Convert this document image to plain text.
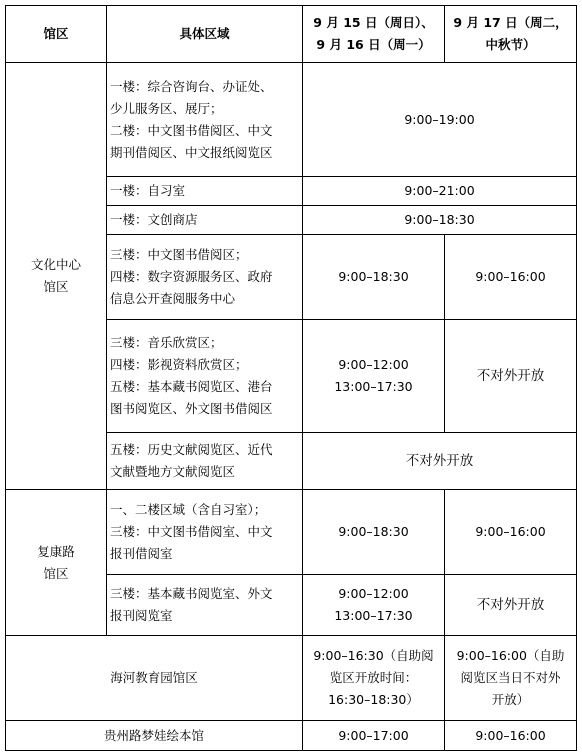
馆区	具体区域	9 月 15 日（周日）、
9 月 16 日（周一）	9 月 17 日（周二，
中秋节）

文化中心
馆区	一楼：综合咨询台、办证处、
少儿服务区、展厅；
二楼：中文图书借阅区、中文
期刊借阅区、中文报纸阅览区	9:00–19:00	

	一楼：自习室	9:00–21:00	

	一楼：文创商店	9:00–18:30	

	三楼：中文图书借阅区；
四楼：数字资源服务区、政府
信息公开查阅服务中心	9:00–18:30	9:00–16:00

	三楼：音乐欣赏区；
四楼：影视资料欣赏区；
五楼：基本藏书阅览区、港台
图书阅览区、外文图书借阅区	9:00–12:00
13:00–17:30	不对外开放

	五楼：历史文献阅览区、近代
文献暨地方文献阅览区	不对外开放	

复康路
馆区	一、二楼区域（含自习室）；
三楼：中文图书借阅室、中文
报刊借阅室	9:00–18:30	9:00–16:00

	三楼：基本藏书阅览室、外文
报刊阅览室	9:00–12:00
13:00–17:30	不对外开放

海河教育园馆区		9:00–16:30（自助阅
览区开放时间：
16:30–18:30）	9:00–16:00（自助
阅览区当日不对外
开放）

贵州路梦娃绘本馆		9:00–17:00	9:00–16:00
